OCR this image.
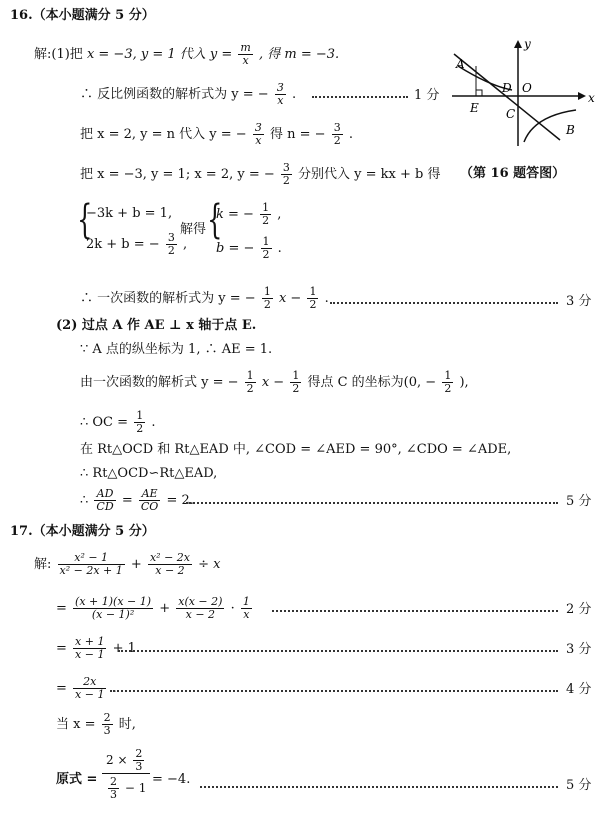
16.（本小题满分 5 分）
解:(1)把 x = −3, y = 1 代入 $y = \frac{m}{x}$ , 得 m = −3.
∴ 反比例函数的解析式为 y = − $\frac{3}{x}$ .	1 分
把 x = 2, y = n 代入 y = − $\frac{3}{x}$ 得 n = − $\frac{3}{2}$ .
把 x = −3, y = 1; x = 2, y = − $\frac{3}{2}$ 分别代入 y = kx + b 得 （第 16 题答图）
A
B
C
D O
E
x
y
{
−3k + b = 1,
2k + b = − $\frac{3}{2}$ ,
解得 {
k = − $\frac{1}{2}$ ,
b = − $\frac{1}{2}$ .
∴ 一次函数的解析式为 y = − $\frac{1}{2}$ $x - \frac{1}{2}$ .	3 分
(2) 过点 A 作 AE ⊥ x 轴于点 E.
∵ A 点的纵坐标为 1, ∴ AE = 1.
由一次函数的解析式 y = − $\frac{1}{2}$ $x - \frac{1}{2}$ 得点 C 的坐标为(0, − $\frac{1}{2}$ ),
∴ OC = $\frac{1}{2}$ .
在 Rt△OCD 和 Rt△EAD 中, ∠COD = ∠AED = 90°, ∠CDO = ∠ADE,
∴ Rt△OCD∽Rt△EAD,
∴ $\frac{AD}{CD} = \frac{AE}{CO} = 2$.	5 分
17.（本小题满分 5 分）
解: $\frac{\text{x² − 1}}{\text{x² − 2x + 1}} + \frac{\text{x² − 2x}}{x - 2} \div x$
= $\frac{(x + 1)(x - 1)}{\text{(x − 1)²}} + \frac{x(x - 2)}{x - 2} \cdot \frac{1}{x}$	2 分
= $\frac{x + 1}{x - 1} + 1$	3 分
= $\frac{2x}{x - 1}$ .	4 分
当 $x = \frac{2}{3}$ 时,
原式 =
$2 \times \frac{2}{3}$
$\frac{2}{3} - 1$
= −4.	5 分
